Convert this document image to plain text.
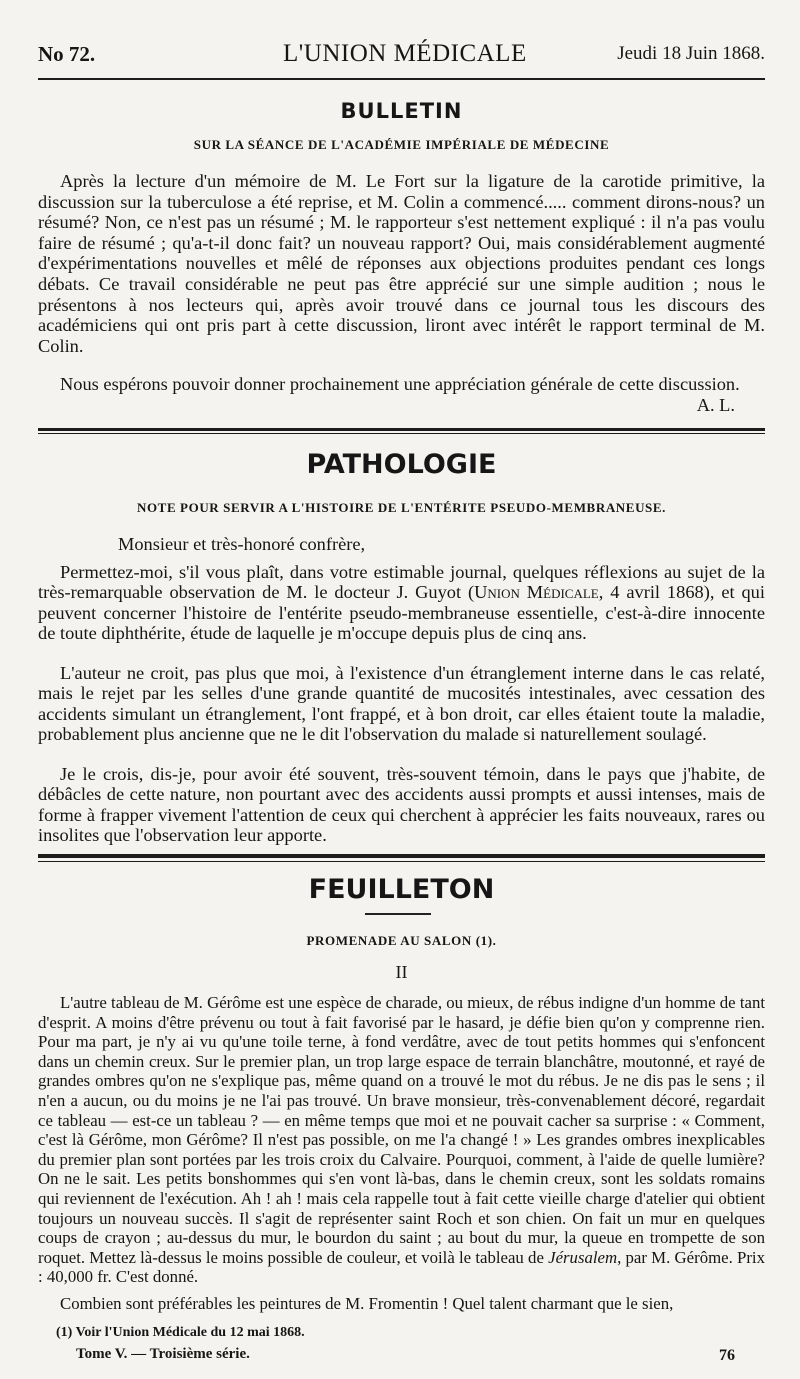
No 72.	L'UNION MÉDICALE	Jeudi 18 Juin 1868.
BULLETIN
SUR LA SÉANCE DE L'ACADÉMIE IMPÉRIALE DE MÉDECINE

Après la lecture d'un mémoire de M. Le Fort sur la ligature de la carotide primitive, la discussion sur la tuberculose a été reprise, et M. Colin a commencé..... comment dirons-nous? un résumé? Non, ce n'est pas un résumé ; M. le rapporteur s'est nettement expliqué : il n'a pas voulu faire de résumé ; qu'a-t-il donc fait? un nouveau rapport? Oui, mais considérablement augmenté d'expérimentations nouvelles et mêlé de réponses aux objections produites pendant ces longs débats. Ce travail considérable ne peut pas être apprécié sur une simple audition ; nous le présentons à nos lecteurs qui, après avoir trouvé dans ce journal tous les discours des académiciens qui ont pris part à cette discussion, liront avec intérêt le rapport terminal de M. Colin.

Nous espérons pouvoir donner prochainement une appréciation générale de cette discussion.
A. L.

PATHOLOGIE
NOTE POUR SERVIR A L'HISTOIRE DE L'ENTÉRITE PSEUDO-MEMBRANEUSE.

Monsieur et très-honoré confrère,

Permettez-moi, s'il vous plaît, dans votre estimable journal, quelques réflexions au sujet de la très-remarquable observation de M. le docteur J. Guyot (Union Médicale, 4 avril 1868), et qui peuvent concerner l'histoire de l'entérite pseudo-membraneuse essentielle, c'est-à-dire innocente de toute diphthérite, étude de laquelle je m'occupe depuis plus de cinq ans.

L'auteur ne croit, pas plus que moi, à l'existence d'un étranglement interne dans le cas relaté, mais le rejet par les selles d'une grande quantité de mucosités intestinales, avec cessation des accidents simulant un étranglement, l'ont frappé, et à bon droit, car elles étaient toute la maladie, probablement plus ancienne que ne le dit l'observation du malade si naturellement soulagé.

Je le crois, dis-je, pour avoir été souvent, très-souvent témoin, dans le pays que j'habite, de débâcles de cette nature, non pourtant avec des accidents aussi prompts et aussi intenses, mais de forme à frapper vivement l'attention de ceux qui cherchent à apprécier les faits nouveaux, rares ou insolites que l'observation leur apporte.

FEUILLETON
PROMENADE AU SALON (1).
II

L'autre tableau de M. Gérôme est une espèce de charade, ou mieux, de rébus indigne d'un homme de tant d'esprit. A moins d'être prévenu ou tout à fait favorisé par le hasard, je défie bien qu'on y comprenne rien. Pour ma part, je n'y ai vu qu'une toile terne, à fond verdâtre, avec de tout petits hommes qui s'enfoncent dans un chemin creux. Sur le premier plan, un trop large espace de terrain blanchâtre, moutonné, et rayé de grandes ombres qu'on ne s'explique pas, même quand on a trouvé le mot du rébus. Je ne dis pas le sens ; il n'en a aucun, ou du moins je ne l'ai pas trouvé. Un brave monsieur, très-convenablement décoré, regardait ce tableau — est-ce un tableau ? — en même temps que moi et ne pouvait cacher sa surprise : « Comment, c'est là Gérôme, mon Gérôme? Il n'est pas possible, on me l'a changé ! » Les grandes ombres inexplicables du premier plan sont portées par les trois croix du Calvaire. Pourquoi, comment, à l'aide de quelle lumière? On ne le sait. Les petits bonshommes qui s'en vont là-bas, dans le chemin creux, sont les soldats romains qui reviennent de l'exécution. Ah ! ah ! mais cela rappelle tout à fait cette vieille charge d'atelier qui obtient toujours un nouveau succès. Il s'agit de représenter saint Roch et son chien. On fait un mur en quelques coups de crayon ; au-dessus du mur, le bourdon du saint ; au bout du mur, la queue en trompette de son roquet. Mettez là-dessus le moins possible de couleur, et voilà le tableau de Jérusalem, par M. Gérôme. Prix : 40,000 fr. C'est donné.

Combien sont préférables les peintures de M. Fromentin ! Quel talent charmant que le sien,

(1) Voir l'Union Médicale du 12 mai 1868.
Tome V. — Troisième série.	76
